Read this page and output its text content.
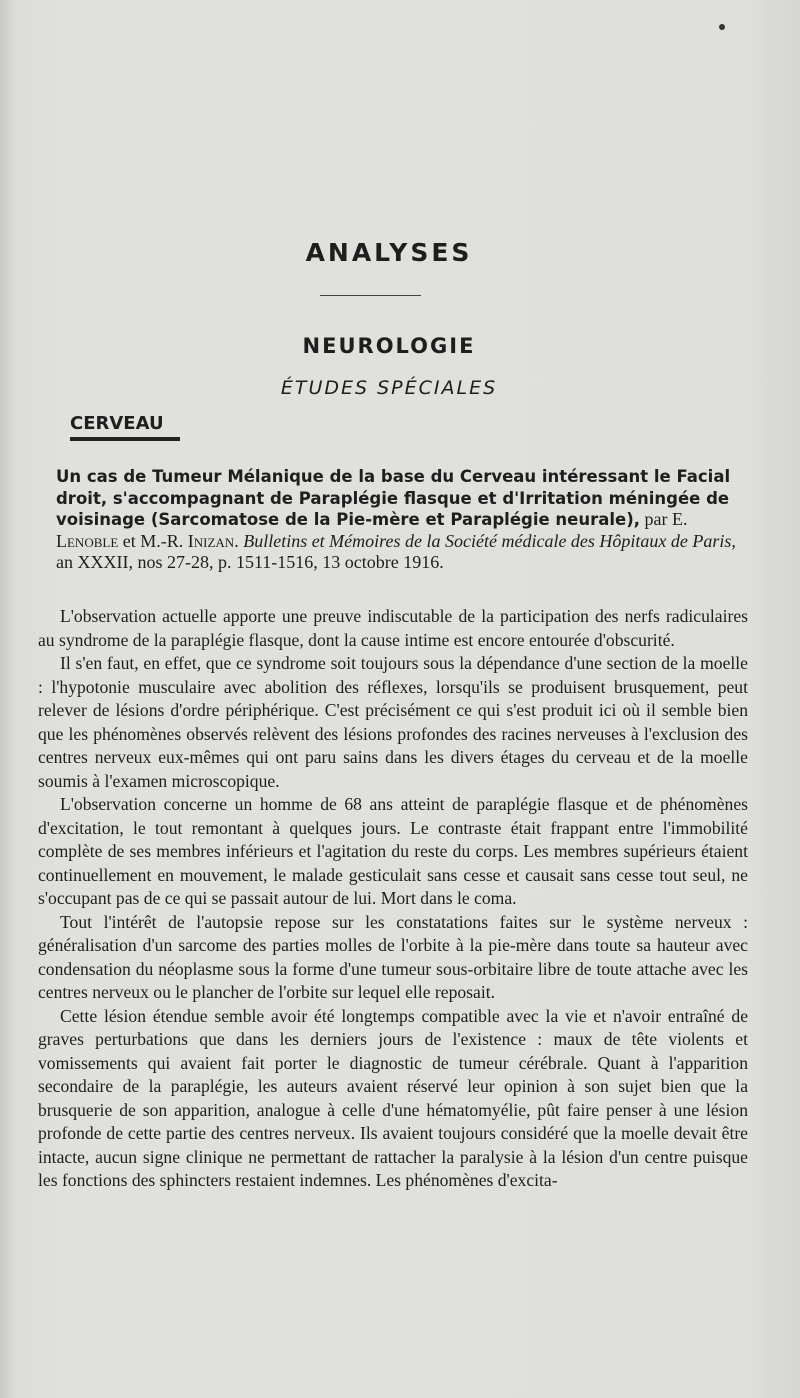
ANALYSES
NEUROLOGIE
ÉTUDES SPÉCIALES
CERVEAU
Un cas de Tumeur Mélanique de la base du Cerveau intéressant le Facial droit, s'accompagnant de Paraplégie flasque et d'Irritation méningée de voisinage (Sarcomatose de la Pie-mère et Paraplégie neurale), par E. Lenoble et M.-R. Inizan. Bulletins et Mémoires de la Société médicale des Hôpitaux de Paris, an XXXII, nos 27-28, p. 1511-1516, 13 octobre 1916.

L'observation actuelle apporte une preuve indiscutable de la participation des nerfs radiculaires au syndrome de la paraplégie flasque, dont la cause intime est encore entourée d'obscurité.

Il s'en faut, en effet, que ce syndrome soit toujours sous la dépendance d'une section de la moelle : l'hypotonie musculaire avec abolition des réflexes, lorsqu'ils se produisent brusquement, peut relever de lésions d'ordre périphérique. C'est précisément ce qui s'est produit ici où il semble bien que les phénomènes observés relèvent des lésions profondes des racines nerveuses à l'exclusion des centres nerveux eux-mêmes qui ont paru sains dans les divers étages du cerveau et de la moelle soumis à l'examen microscopique.

L'observation concerne un homme de 68 ans atteint de paraplégie flasque et de phénomènes d'excitation, le tout remontant à quelques jours. Le contraste était frappant entre l'immobilité complète de ses membres inférieurs et l'agitation du reste du corps. Les membres supérieurs étaient continuellement en mouvement, le malade gesticulait sans cesse et causait sans cesse tout seul, ne s'occupant pas de ce qui se passait autour de lui. Mort dans le coma.

Tout l'intérêt de l'autopsie repose sur les constatations faites sur le système nerveux : généralisation d'un sarcome des parties molles de l'orbite à la pie-mère dans toute sa hauteur avec condensation du néoplasme sous la forme d'une tumeur sous-orbitaire libre de toute attache avec les centres nerveux ou le plancher de l'orbite sur lequel elle reposait.

Cette lésion étendue semble avoir été longtemps compatible avec la vie et n'avoir entraîné de graves perturbations que dans les derniers jours de l'existence : maux de tête violents et vomissements qui avaient fait porter le diagnostic de tumeur cérébrale. Quant à l'apparition secondaire de la paraplégie, les auteurs avaient réservé leur opinion à son sujet bien que la brusquerie de son apparition, analogue à celle d'une hématomyélie, pût faire penser à une lésion profonde de cette partie des centres nerveux. Ils avaient toujours considéré que la moelle devait être intacte, aucun signe clinique ne permettant de rattacher la paralysie à la lésion d'un centre puisque les fonctions des sphincters restaient indemnes. Les phénomènes d'excita-
